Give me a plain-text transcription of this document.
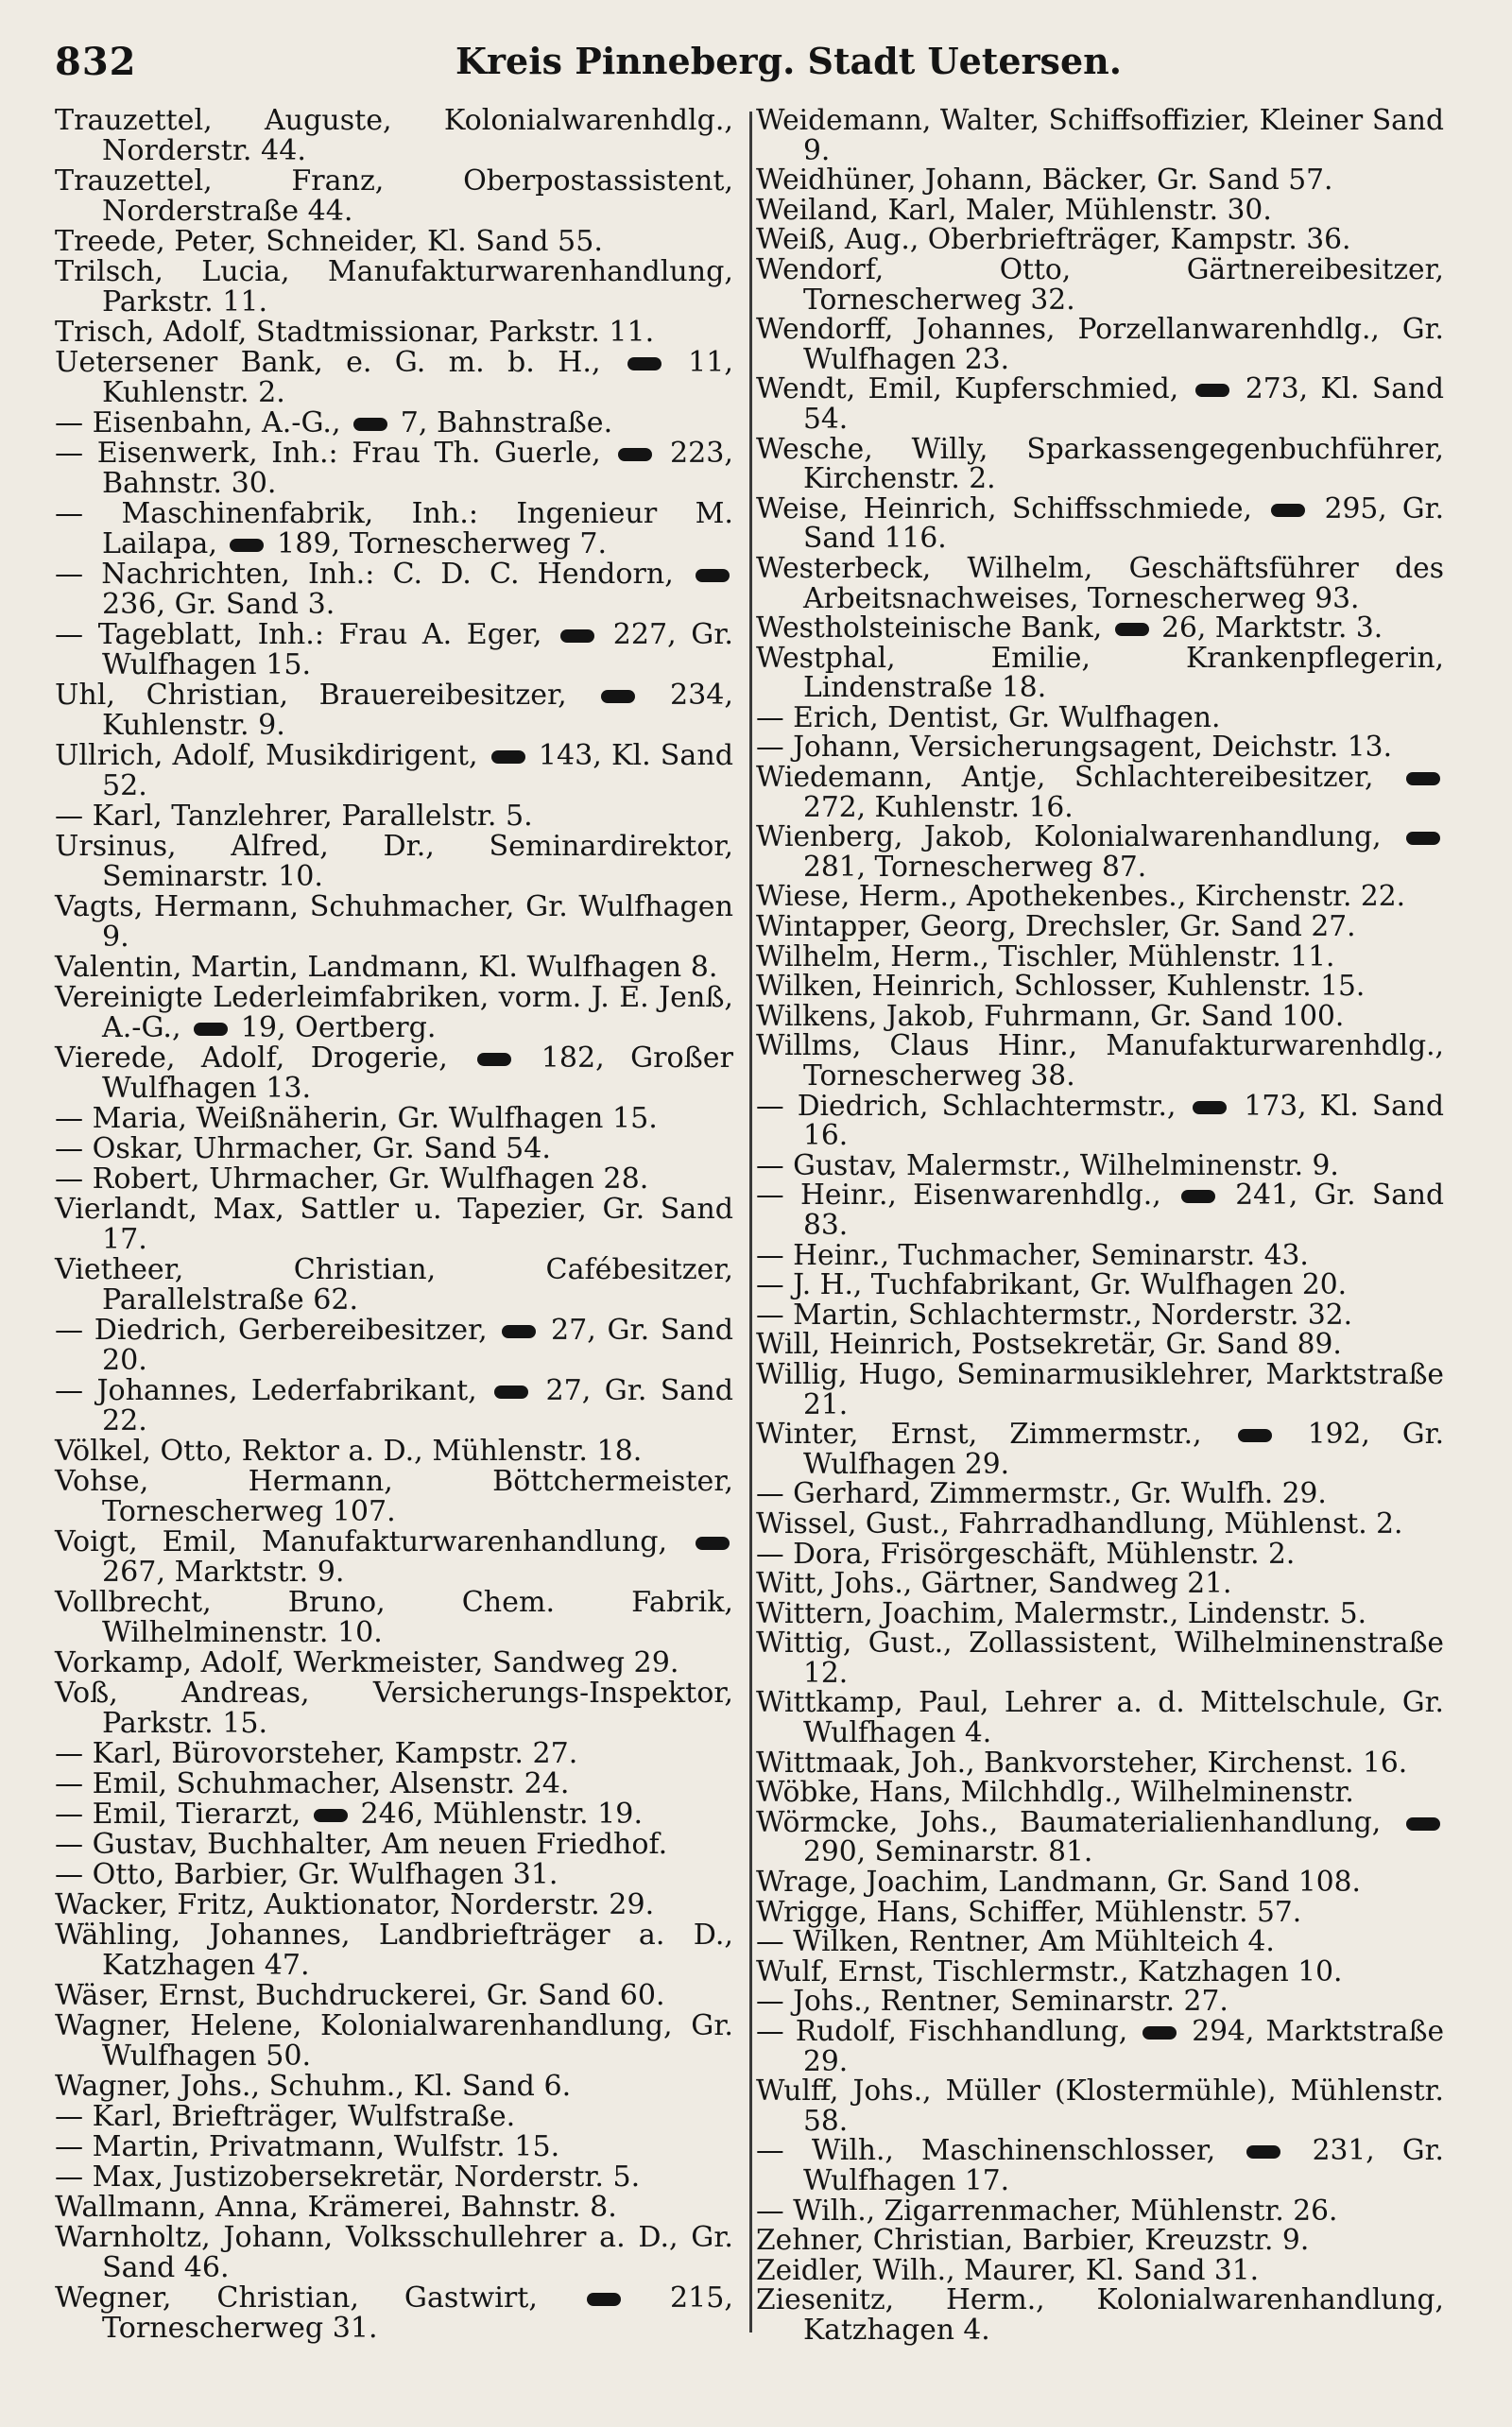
832	Kreis Pinneberg. Stadt Uetersen.
Trauzettel, Auguste, Kolonialwarenhdlg., Norderstr. 44.
Trauzettel, Franz, Oberpostassistent, Norderstraße 44.
Treede, Peter, Schneider, Kl. Sand 55.
Trilsch, Lucia, Manufakturwarenhandlung, Parkstr. 11.
Trisch, Adolf, Stadtmissionar, Parkstr. 11.
Uetersener Bank, e. G. m. b. H.,	11, Kuhlenstr. 2.
— Eisenbahn, A.-G., 7, Bahnstraße.
— Eisenwerk, Inh.: Frau Th. Guerle, 223, Bahnstr. 30.
— Maschinenfabrik, Inh.: Ingenieur M. Lailapa, 189, Tornescherweg 7.
— Nachrichten, Inh.: C. D. C. Hendorn,  236, Gr. Sand 3.
— Tageblatt, Inh.: Frau A. Eger,	227, Gr. Wulfhagen 15.
Uhl, Christian, Brauereibesitzer,	234, Kuhlenstr. 9.
Ullrich, Adolf, Musikdirigent, 143, Kl. Sand 52.
— Karl, Tanzlehrer, Parallelstr. 5.
Ursinus, Alfred, Dr., Seminardirektor, Seminarstr. 10.
Vagts, Hermann, Schuhmacher, Gr. Wulfhagen 9.
Valentin, Martin, Landmann, Kl. Wulfhagen 8.
Vereinigte Lederleimfabriken, vorm. J. E. Jenß, A.-G., 19, Oertberg.
Vierede, Adolf, Drogerie,	182, Großer Wulfhagen 13.
— Maria, Weißnäherin, Gr. Wulfhagen 15.
— Oskar, Uhrmacher, Gr. Sand 54.
— Robert, Uhrmacher, Gr. Wulfhagen 28.
Vierlandt, Max, Sattler u. Tapezier, Gr. Sand 17.
Vietheer, Christian, Cafébesitzer, Parallelstraße 62.
— Diedrich, Gerbereibesitzer, 27, Gr. Sand 20.
— Johannes, Lederfabrikant, 27, Gr. Sand 22.
Völkel, Otto, Rektor a. D., Mühlenstr. 18.
Vohse, Hermann, Böttchermeister, Tornescherweg 107.
Voigt, Emil, Manufakturwarenhandlung,  267, Marktstr. 9.
Vollbrecht, Bruno, Chem. Fabrik, Wilhelminenstr. 10.
Vorkamp, Adolf, Werkmeister, Sandweg 29.
Voß, Andreas, Versicherungs-Inspektor, Parkstr. 15.
— Karl, Bürovorsteher, Kampstr. 27.
— Emil, Schuhmacher, Alsenstr. 24.
— Emil, Tierarzt, 246, Mühlenstr. 19.
— Gustav, Buchhalter, Am neuen Friedhof.
— Otto, Barbier, Gr. Wulfhagen 31.
Wacker, Fritz, Auktionator, Norderstr. 29.
Wähling, Johannes, Landbriefträger a. D., Katzhagen 47.
Wäser, Ernst, Buchdruckerei, Gr. Sand 60.
Wagner, Helene, Kolonialwarenhandlung, Gr. Wulfhagen 50.
Wagner, Johs., Schuhm., Kl. Sand 6.
— Karl, Briefträger, Wulfstraße.
— Martin, Privatmann, Wulfstr. 15.
— Max, Justizobersekretär, Norderstr. 5.
Wallmann, Anna, Krämerei, Bahnstr. 8.
Warnholtz, Johann, Volksschullehrer a. D., Gr. Sand 46.
Wegner, Christian, Gastwirt,	215, Tornescherweg 31.
Weidemann, Walter, Schiffsoffizier, Kleiner Sand 9.
Weidhüner, Johann, Bäcker, Gr. Sand 57.
Weiland, Karl, Maler, Mühlenstr. 30.
Weiß, Aug., Oberbriefträger, Kampstr. 36.
Wendorf, Otto, Gärtnereibesitzer, Tornescherweg 32.
Wendorff, Johannes, Porzellanwarenhdlg., Gr. Wulfhagen 23.
Wendt, Emil, Kupferschmied, 273, Kl. Sand 54.
Wesche, Willy, Sparkassengegenbuchführer, Kirchenstr. 2.
Weise, Heinrich, Schiffsschmiede,	295, Gr. Sand 116.
Westerbeck, Wilhelm, Geschäftsführer des Arbeitsnachweises, Tornescherweg 93.
Westholsteinische Bank, 26, Marktstr. 3.
Westphal, Emilie, Krankenpflegerin, Lindenstraße 18.
— Erich, Dentist, Gr. Wulfhagen.
— Johann, Versicherungsagent, Deichstr. 13.
Wiedemann, Antje, Schlachtereibesitzer,  272, Kuhlenstr. 16.
Wienberg, Jakob, Kolonialwarenhandlung,  281, Tornescherweg 87.
Wiese, Herm., Apothekenbes., Kirchenstr. 22.
Wintapper, Georg, Drechsler, Gr. Sand 27.
Wilhelm, Herm., Tischler, Mühlenstr. 11.
Wilken, Heinrich, Schlosser, Kuhlenstr. 15.
Wilkens, Jakob, Fuhrmann, Gr. Sand 100.
Willms, Claus Hinr., Manufakturwarenhdlg., Tornescherweg 38.
— Diedrich, Schlachtermstr., 173, Kl. Sand 16.
— Gustav, Malermstr., Wilhelminenstr. 9.
— Heinr., Eisenwarenhdlg.,	241, Gr. Sand 83.
— Heinr., Tuchmacher, Seminarstr. 43.
— J. H., Tuchfabrikant, Gr. Wulfhagen 20.
— Martin, Schlachtermstr., Norderstr. 32.
Will, Heinrich, Postsekretär, Gr. Sand 89.
Willig, Hugo, Seminarmusiklehrer, Marktstraße 21.
Winter, Ernst, Zimmermstr.,	192, Gr. Wulfhagen 29.
— Gerhard, Zimmermstr., Gr. Wulfh. 29.
Wissel, Gust., Fahrradhandlung, Mühlenst. 2.
— Dora, Frisörgeschäft, Mühlenstr. 2.
Witt, Johs., Gärtner, Sandweg 21.
Wittern, Joachim, Malermstr., Lindenstr. 5.
Wittig, Gust., Zollassistent, Wilhelminenstraße 12.
Wittkamp, Paul, Lehrer a. d. Mittelschule, Gr. Wulfhagen 4.
Wittmaak, Joh., Bankvorsteher, Kirchenst. 16.
Wöbke, Hans, Milchhdlg., Wilhelminenstr.
Wörmcke, Johs., Baumaterialienhandlung,  290, Seminarstr. 81.
Wrage, Joachim, Landmann, Gr. Sand 108.
Wrigge, Hans, Schiffer, Mühlenstr. 57.
— Wilken, Rentner, Am Mühlteich 4.
Wulf, Ernst, Tischlermstr., Katzhagen 10.
— Johs., Rentner, Seminarstr. 27.
— Rudolf, Fischhandlung, 294, Marktstraße 29.
Wulff, Johs., Müller (Klostermühle), Mühlenstr. 58.
— Wilh., Maschinenschlosser,	231, Gr. Wulfhagen 17.
— Wilh., Zigarrenmacher, Mühlenstr. 26.
Zehner, Christian, Barbier, Kreuzstr. 9.
Zeidler, Wilh., Maurer, Kl. Sand 31.
Ziesenitz, Herm., Kolonialwarenhandlung, Katzhagen 4.
